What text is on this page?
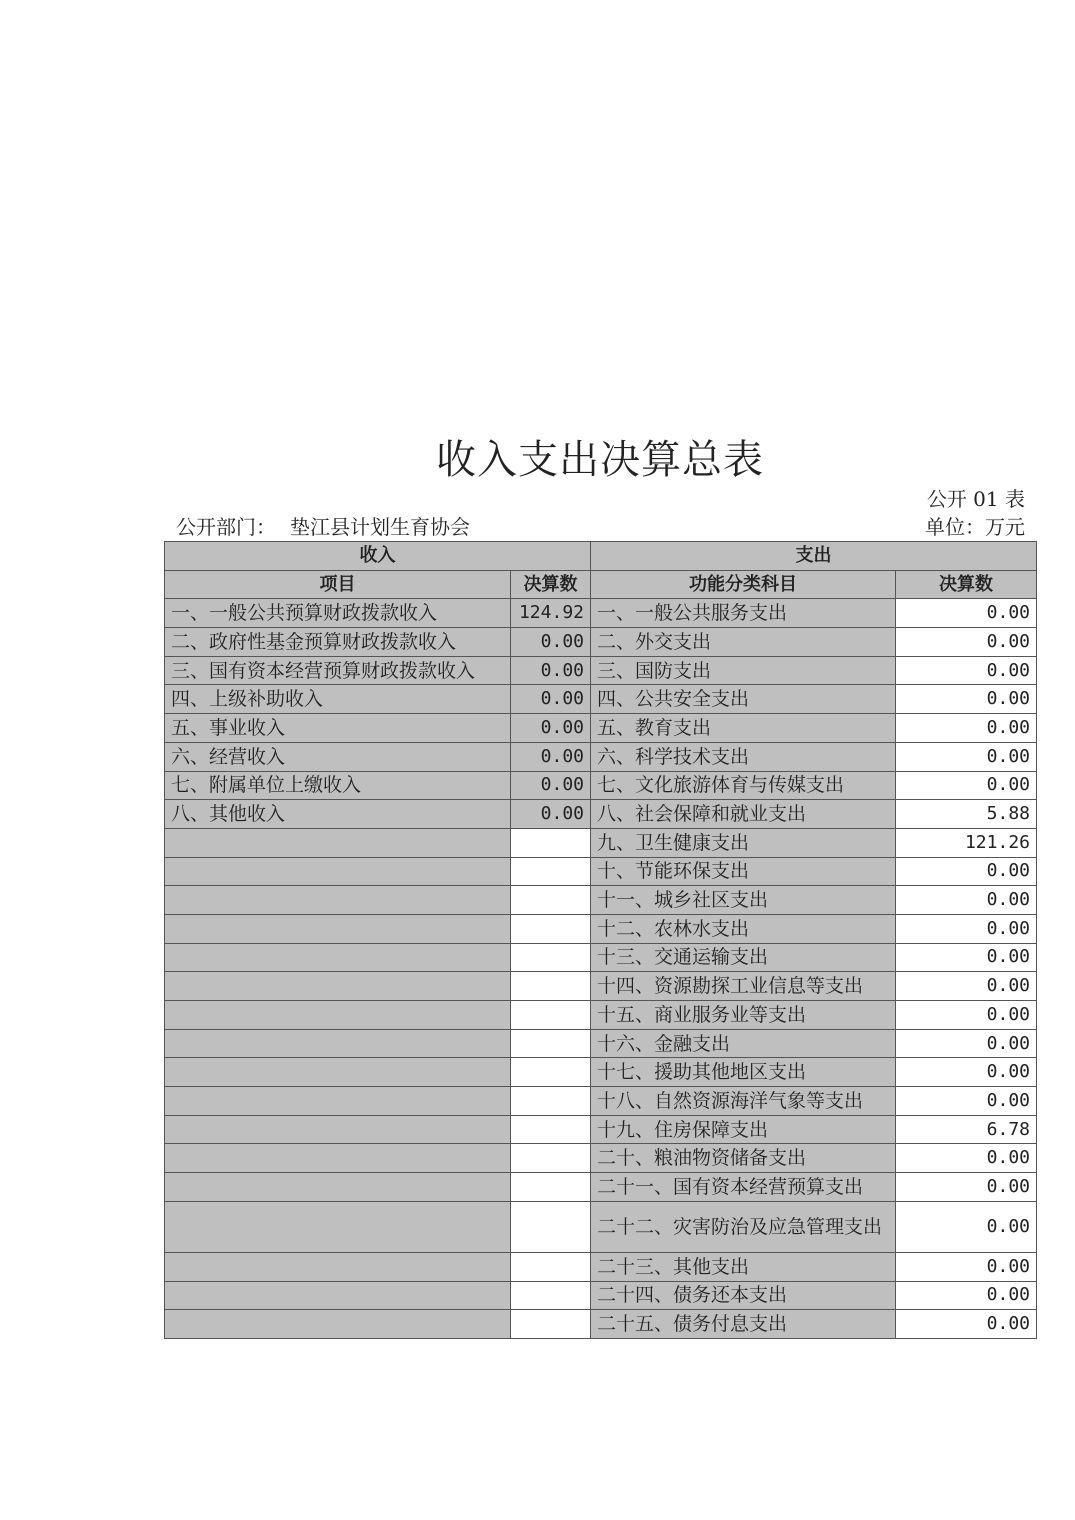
收入支出决算总表
公开 01 表
公开部门： 垫江县计划生育协会	单位：万元
收入		支出	
项目	决算数	功能分类科目	决算数
一、一般公共预算财政拨款收入	124.92	一、一般公共服务支出	0.00
二、政府性基金预算财政拨款收入	0.00	二、外交支出	0.00
三、国有资本经营预算财政拨款收入	0.00	三、国防支出	0.00
四、上级补助收入	0.00	四、公共安全支出	0.00
五、事业收入	0.00	五、教育支出	0.00
六、经营收入	0.00	六、科学技术支出	0.00
七、附属单位上缴收入	0.00	七、文化旅游体育与传媒支出	0.00
八、其他收入	0.00	八、社会保障和就业支出	5.88
		九、卫生健康支出	121.26
		十、节能环保支出	0.00
		十一、城乡社区支出	0.00
		十二、农林水支出	0.00
		十三、交通运输支出	0.00
		十四、资源勘探工业信息等支出	0.00
		十五、商业服务业等支出	0.00
		十六、金融支出	0.00
		十七、援助其他地区支出	0.00
		十八、自然资源海洋气象等支出	0.00
		十九、住房保障支出	6.78
		二十、粮油物资储备支出	0.00
		二十一、国有资本经营预算支出	0.00
		二十二、灾害防治及应急管理支出	0.00
		二十三、其他支出	0.00
		二十四、债务还本支出	0.00
		二十五、债务付息支出	0.00
